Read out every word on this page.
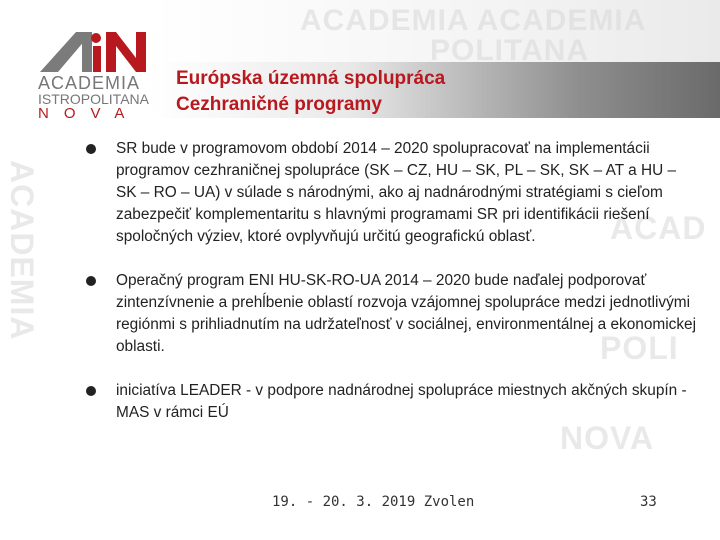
ACADEMIA ACADEMIA
POLITANA
ACADEMIA	ACAD
POLI
NOVA
ACADEMIA
ISTROPOLITANA
NOVA
Európska územná spolupráca
Cezhraničné programy
SR bude v programovom období 2014 – 2020 spolupracovať na implementácii programov cezhraničnej spolupráce (SK – CZ, HU – SK, PL – SK, SK – AT a HU – SK – RO – UA) v súlade s národnými, ako aj nadnárodnými stratégiami s cieľom zabezpečiť komplementaritu s hlavnými programami SR pri identifikácii riešení spoločných výziev, ktoré ovplyvňujú určitú geografickú oblasť.
Operačný program ENI HU-SK-RO-UA 2014 – 2020 bude naďalej podporovať zintenzívnenie a prehĺbenie oblastí rozvoja vzájomnej spolupráce medzi jednotlivými regiónmi s prihliadnutím na udržateľnosť v sociálnej, environmentálnej a ekonomickej oblasti.
iniciatíva LEADER - v podpore nadnárodnej spolupráce miestnych akčných skupín - MAS v rámci EÚ
19. - 20. 3. 2019 Zvolen	33
